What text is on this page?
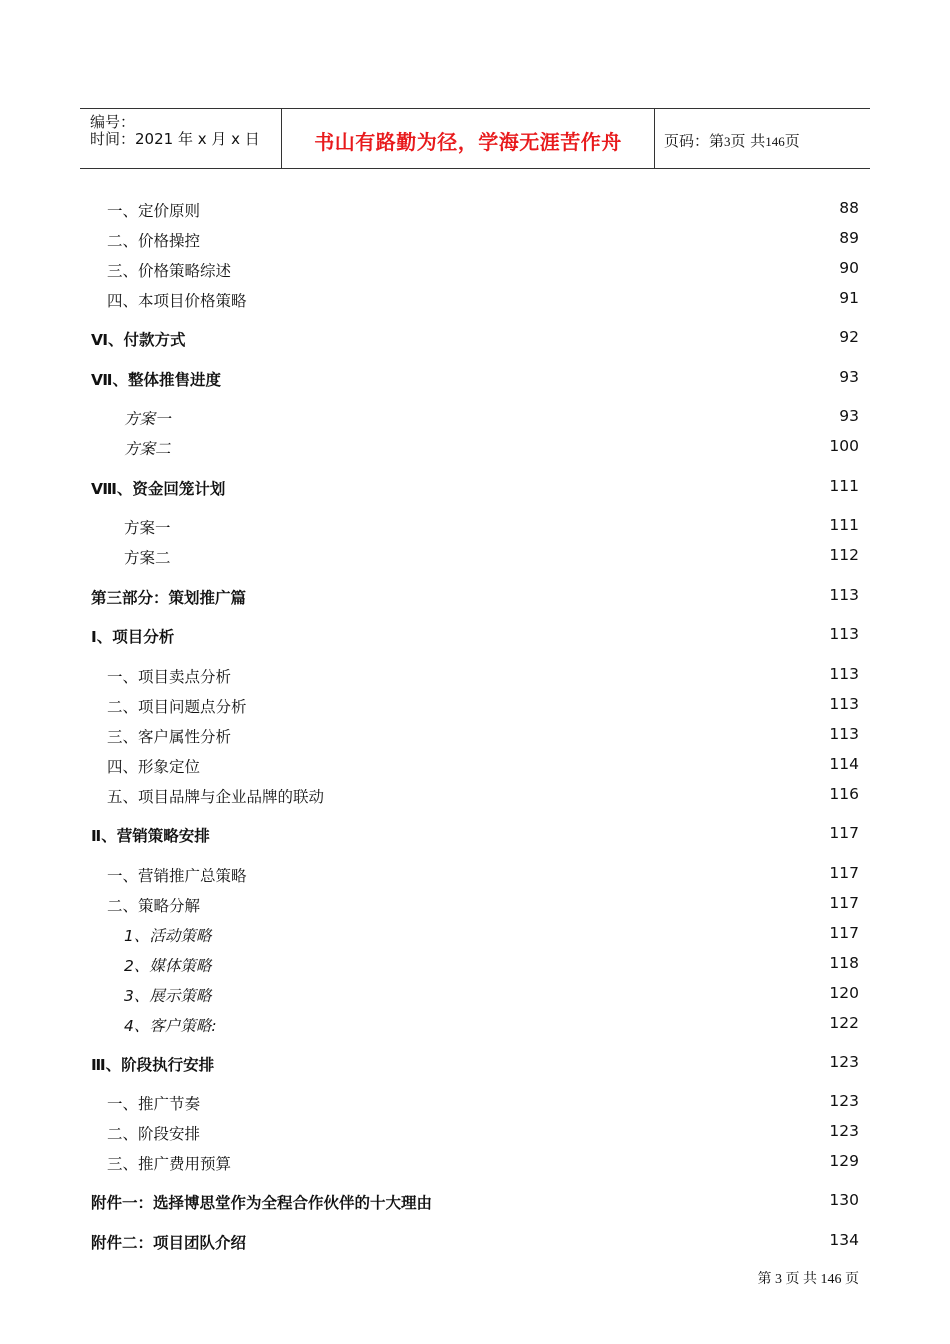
编号：
时间：2021 年 x 月 x 日	书山有路勤为径，学海无涯苦作舟	页码：第3页 共146页
一、定价原则	88
二、价格操控	89
三、价格策略综述	90
四、本项目价格策略	91
Ⅵ、付款方式	92
Ⅶ、整体推售进度	93
方案一	93
方案二	100
Ⅷ、资金回笼计划	111
方案一	111
方案二	112
第三部分：策划推广篇	113
Ⅰ、项目分析	113
一、项目卖点分析	113
二、项目问题点分析	113
三、客户属性分析	113
四、形象定位	114
五、项目品牌与企业品牌的联动	116
Ⅱ、营销策略安排	117
一、营销推广总策略	117
二、策略分解	117
1、活动策略	117
2、媒体策略	118
3、展示策略	120
4、客户策略:	122
Ⅲ、阶段执行安排	123
一、推广节奏	123
二、阶段安排	123
三、推广费用预算	129
附件一：选择博思堂作为全程合作伙伴的十大理由	130
附件二：项目团队介绍	134
第 3 页 共 146 页
